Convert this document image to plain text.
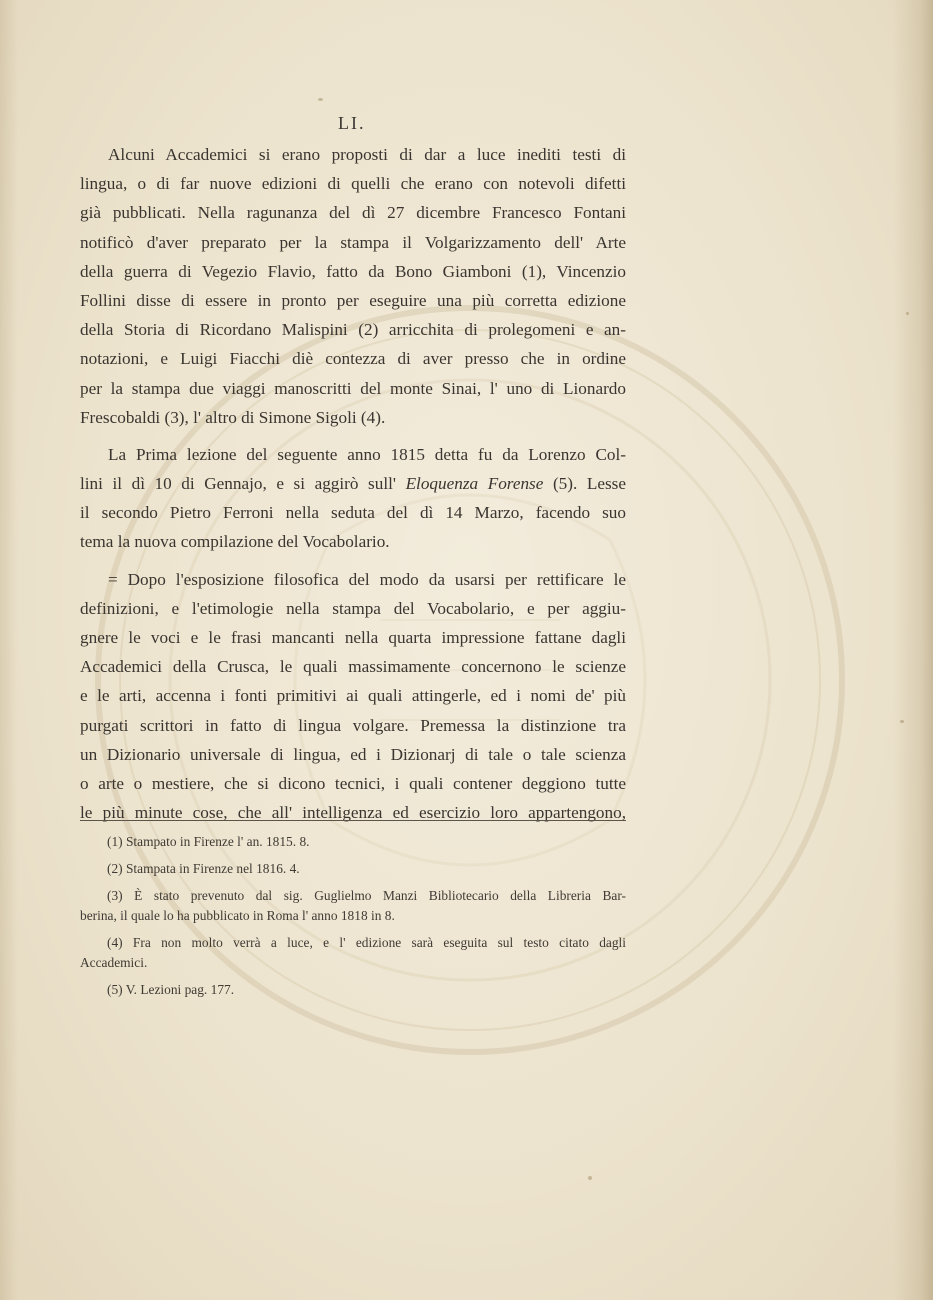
LI.
Alcuni Accademici si erano proposti di dar a luce inediti testi di
lingua, o di far nuove edizioni di quelli che erano con notevoli difetti
già pubblicati. Nella ragunanza del dì 27 dicembre Francesco Fontani
notificò d'aver preparato per la stampa il Volgarizzamento dell' Arte
della guerra di Vegezio Flavio, fatto da Bono Giamboni (1), Vincenzio
Follini disse di essere in pronto per eseguire una più corretta edizione
della Storia di Ricordano Malispini (2) arricchita di prolegomeni e an-
notazioni, e Luigi Fiacchi diè contezza di aver presso che in ordine
per la stampa due viaggi manoscritti del monte Sinai, l' uno di Lionardo
Frescobaldi (3), l' altro di Simone Sigoli (4).
La Prima lezione del seguente anno 1815 detta fu da Lorenzo Col-
lini il dì 10 di Gennajo, e si aggirò sull' Eloquenza Forense (5). Lesse
il secondo Pietro Ferroni nella seduta del dì 14 Marzo, facendo suo
tema la nuova compilazione del Vocabolario.
= Dopo l'esposizione filosofica del modo da usarsi per rettificare le
definizioni, e l'etimologie nella stampa del Vocabolario, e per aggiu-
gnere le voci e le frasi mancanti nella quarta impressione fattane dagli
Accademici della Crusca, le quali massimamente concernono le scienze
e le arti, accenna i fonti primitivi ai quali attingerle, ed i nomi de' più
purgati scrittori in fatto di lingua volgare. Premessa la distinzione tra
un Dizionario universale di lingua, ed i Dizionarj di tale o tale scienza
o arte o mestiere, che si dicono tecnici, i quali contener deggiono tutte
le più minute cose, che all' intelligenza ed esercizio loro appartengono,
(1) Stampato in Firenze l' an. 1815. 8.
(2) Stampata in Firenze nel 1816. 4.
(3) È stato prevenuto dal sig. Guglielmo Manzi Bibliotecario della Libreria Bar-
berina, il quale lo ha pubblicato in Roma l' anno 1818 in 8.
(4) Fra non molto verrà a luce, e l' edizione sarà eseguita sul testo citato dagli
Accademici.
(5) V. Lezioni pag. 177.
